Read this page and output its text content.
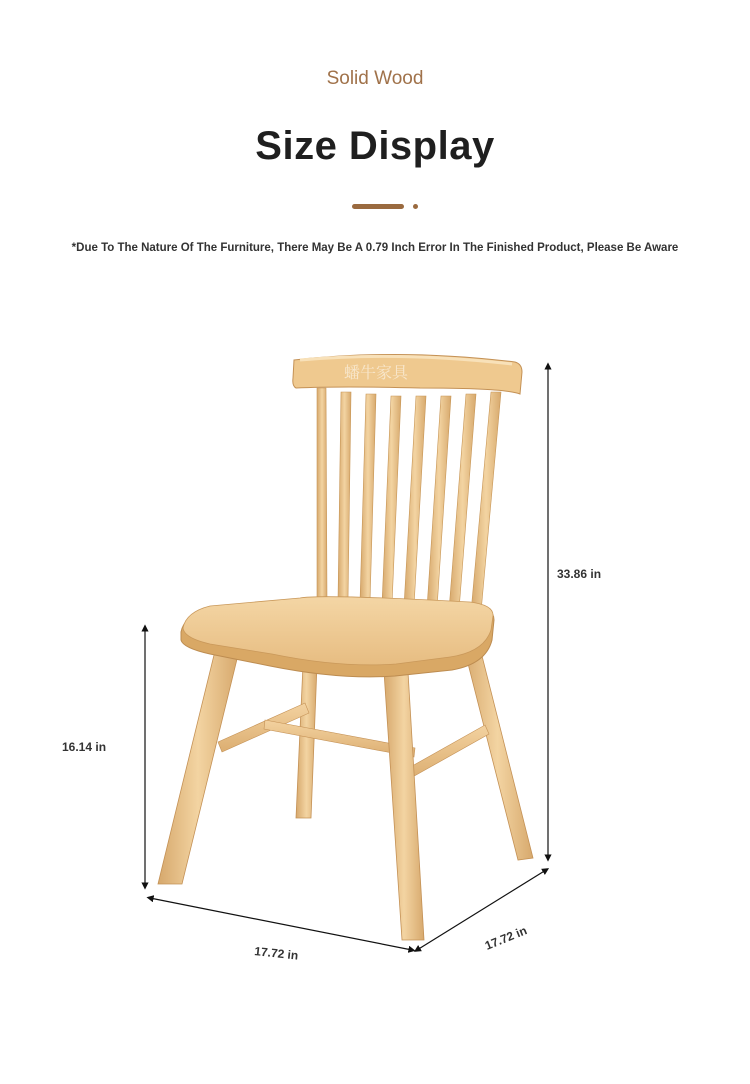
Solid Wood
Size Display
*Due To The Nature Of The Furniture, There May Be A 0.79 Inch Error In The Finished Product, Please Be Aware
蟠牛家具
33.86 in
16.14 in
17.72 in
17.72 in
